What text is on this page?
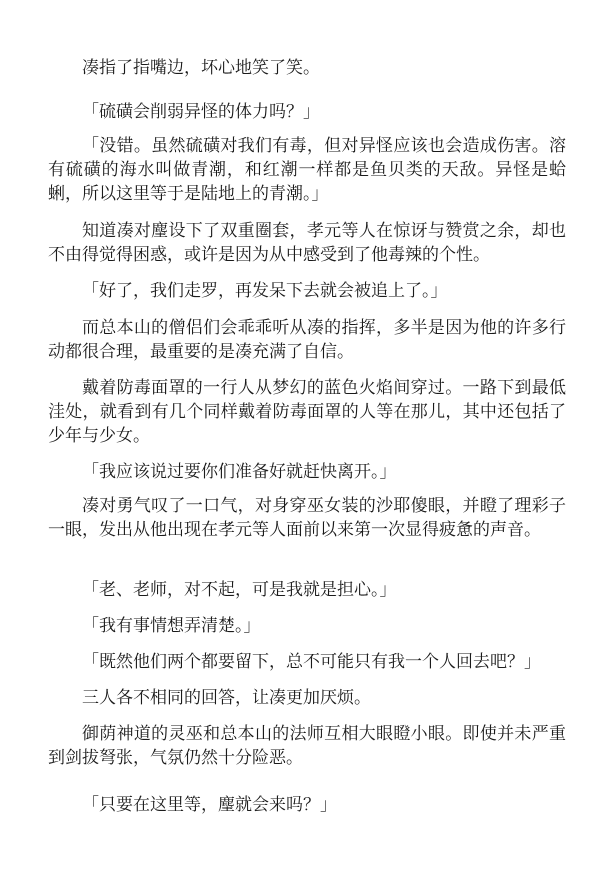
凑指了指嘴边，坏心地笑了笑。

「硫磺会削弱异怪的体力吗？」

「没错。虽然硫磺对我们有毒，但对异怪应该也会造成伤害。溶有硫磺的海水叫做青潮，和红潮一样都是鱼贝类的天敌。异怪是蛤蜊，所以这里等于是陆地上的青潮。」

知道凑对麈设下了双重圈套，孝元等人在惊讶与赞赏之余，却也不由得觉得困惑，或许是因为从中感受到了他毒辣的个性。

「好了，我们走罗，再发呆下去就会被追上了。」

而总本山的僧侣们会乖乖听从凑的指挥，多半是因为他的许多行动都很合理，最重要的是凑充满了自信。

戴着防毒面罩的一行人从梦幻的蓝色火焰间穿过。一路下到最低洼处，就看到有几个同样戴着防毒面罩的人等在那儿，其中还包括了少年与少女。

「我应该说过要你们准备好就赶快离开。」

凑对勇气叹了一口气，对身穿巫女装的沙耶傻眼，并瞪了理彩子一眼，发出从他出现在孝元等人面前以来第一次显得疲惫的声音。

「老、老师，对不起，可是我就是担心。」

「我有事情想弄清楚。」

「既然他们两个都要留下，总不可能只有我一个人回去吧？」

三人各不相同的回答，让凑更加厌烦。

御荫神道的灵巫和总本山的法师互相大眼瞪小眼。即使并未严重到剑拔弩张，气氛仍然十分险恶。

「只要在这里等，麈就会来吗？」
